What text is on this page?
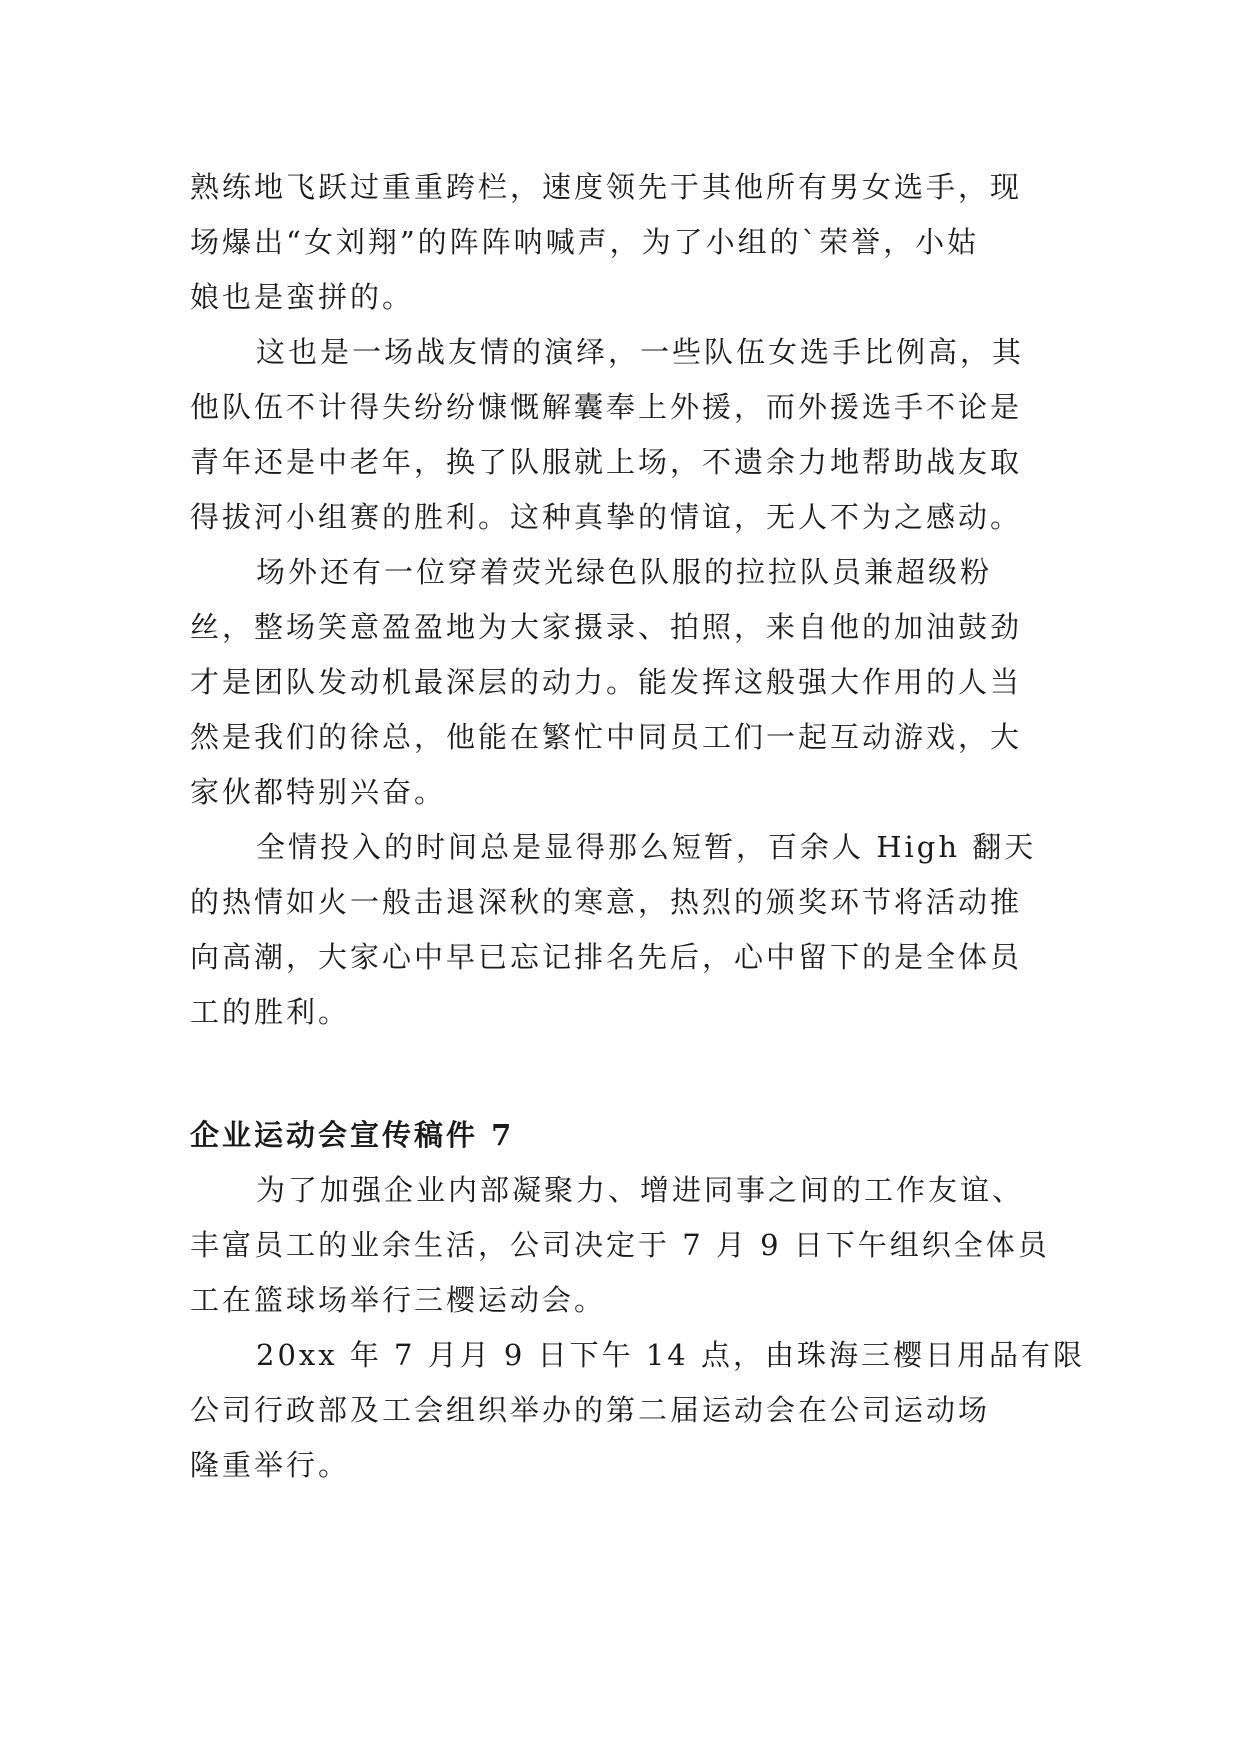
熟练地飞跃过重重跨栏，速度领先于其他所有男女选手，现

场爆出“女刘翔”的阵阵呐喊声，为了小组的`荣誉，小姑

娘也是蛮拼的。

这也是一场战友情的演绎，一些队伍女选手比例高，其

他队伍不计得失纷纷慷慨解囊奉上外援，而外援选手不论是

青年还是中老年，换了队服就上场，不遗余力地帮助战友取

得拔河小组赛的胜利。这种真挚的情谊，无人不为之感动。

场外还有一位穿着荧光绿色队服的拉拉队员兼超级粉

丝，整场笑意盈盈地为大家摄录、拍照，来自他的加油鼓劲

才是团队发动机最深层的动力。能发挥这般强大作用的人当

然是我们的徐总，他能在繁忙中同员工们一起互动游戏，大

家伙都特别兴奋。

全情投入的时间总是显得那么短暂，百余人 High 翻天

的热情如火一般击退深秋的寒意，热烈的颁奖环节将活动推

向高潮，大家心中早已忘记排名先后，心中留下的是全体员

工的胜利。

企业运动会宣传稿件 7

为了加强企业内部凝聚力、增进同事之间的工作友谊、

丰富员工的业余生活，公司决定于 7 月 9 日下午组织全体员

工在篮球场举行三樱运动会。

20xx 年 7 月月 9 日下午 14 点，由珠海三樱日用品有限

公司行政部及工会组织举办的第二届运动会在公司运动场

隆重举行。
